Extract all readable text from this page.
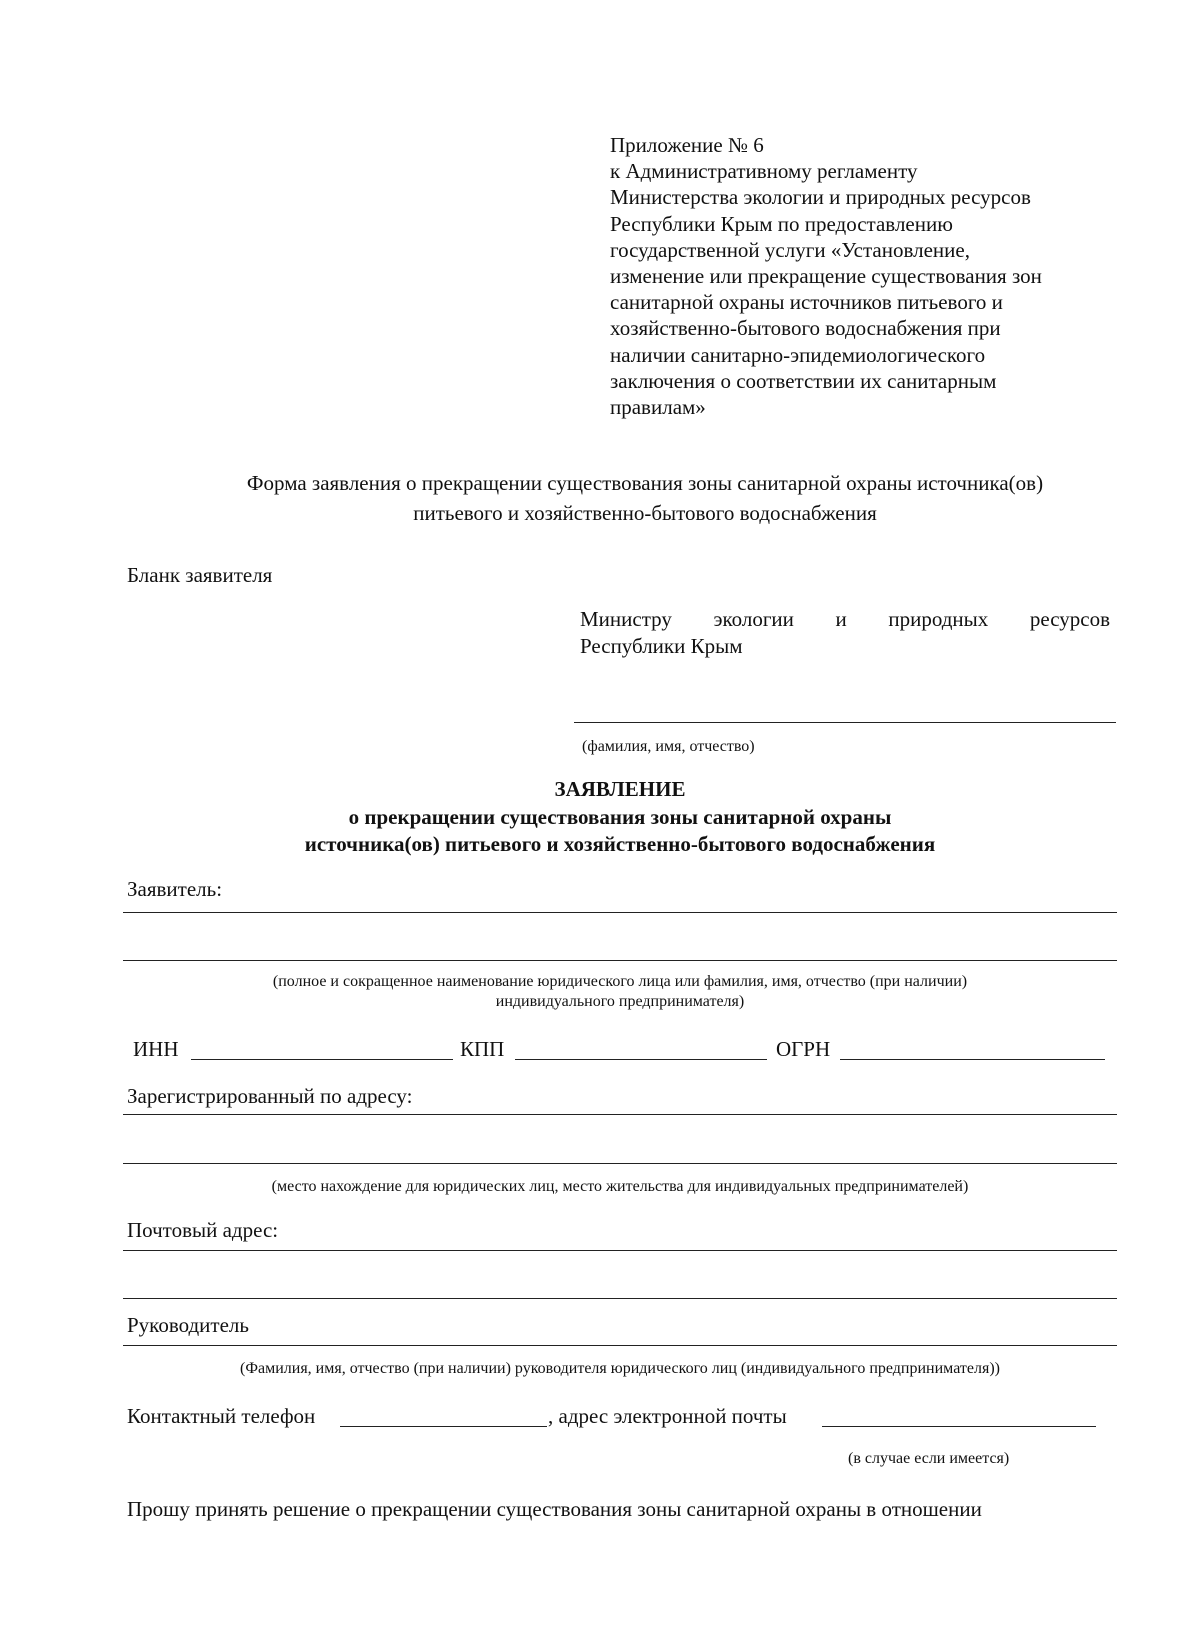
Приложение № 6
к Административному регламенту
Министерства экологии и природных ресурсов
Республики Крым по предоставлению
государственной услуги «Установление,
изменение или прекращение существования зон
санитарной охраны источников питьевого и
хозяйственно-бытового водоснабжения при
наличии санитарно-эпидемиологического
заключения о соответствии их санитарным
правилам»
Форма заявления о прекращении существования зоны санитарной охраны источника(ов)
питьевого и хозяйственно-бытового водоснабжения
Бланк заявителя
Министру экологии и природных ресурсов
Республики Крым
(фамилия, имя, отчество)
ЗАЯВЛЕНИЕ
о прекращении существования зоны санитарной охраны
источника(ов) питьевого и хозяйственно-бытового водоснабжения
Заявитель:
(полное и сокращенное наименование юридического лица или фамилия, имя, отчество (при наличии)
индивидуального предпринимателя)
ИНН	КПП	ОГРН
Зарегистрированный по адресу:
(место нахождение для юридических лиц, место жительства для индивидуальных предпринимателей)
Почтовый адрес:
Руководитель
(Фамилия, имя, отчество (при наличии) руководителя юридического лиц (индивидуального предпринимателя))
Контактный телефон	, адрес электронной почты
(в случае если имеется)
Прошу принять решение о прекращении существования зоны санитарной охраны в отношении
